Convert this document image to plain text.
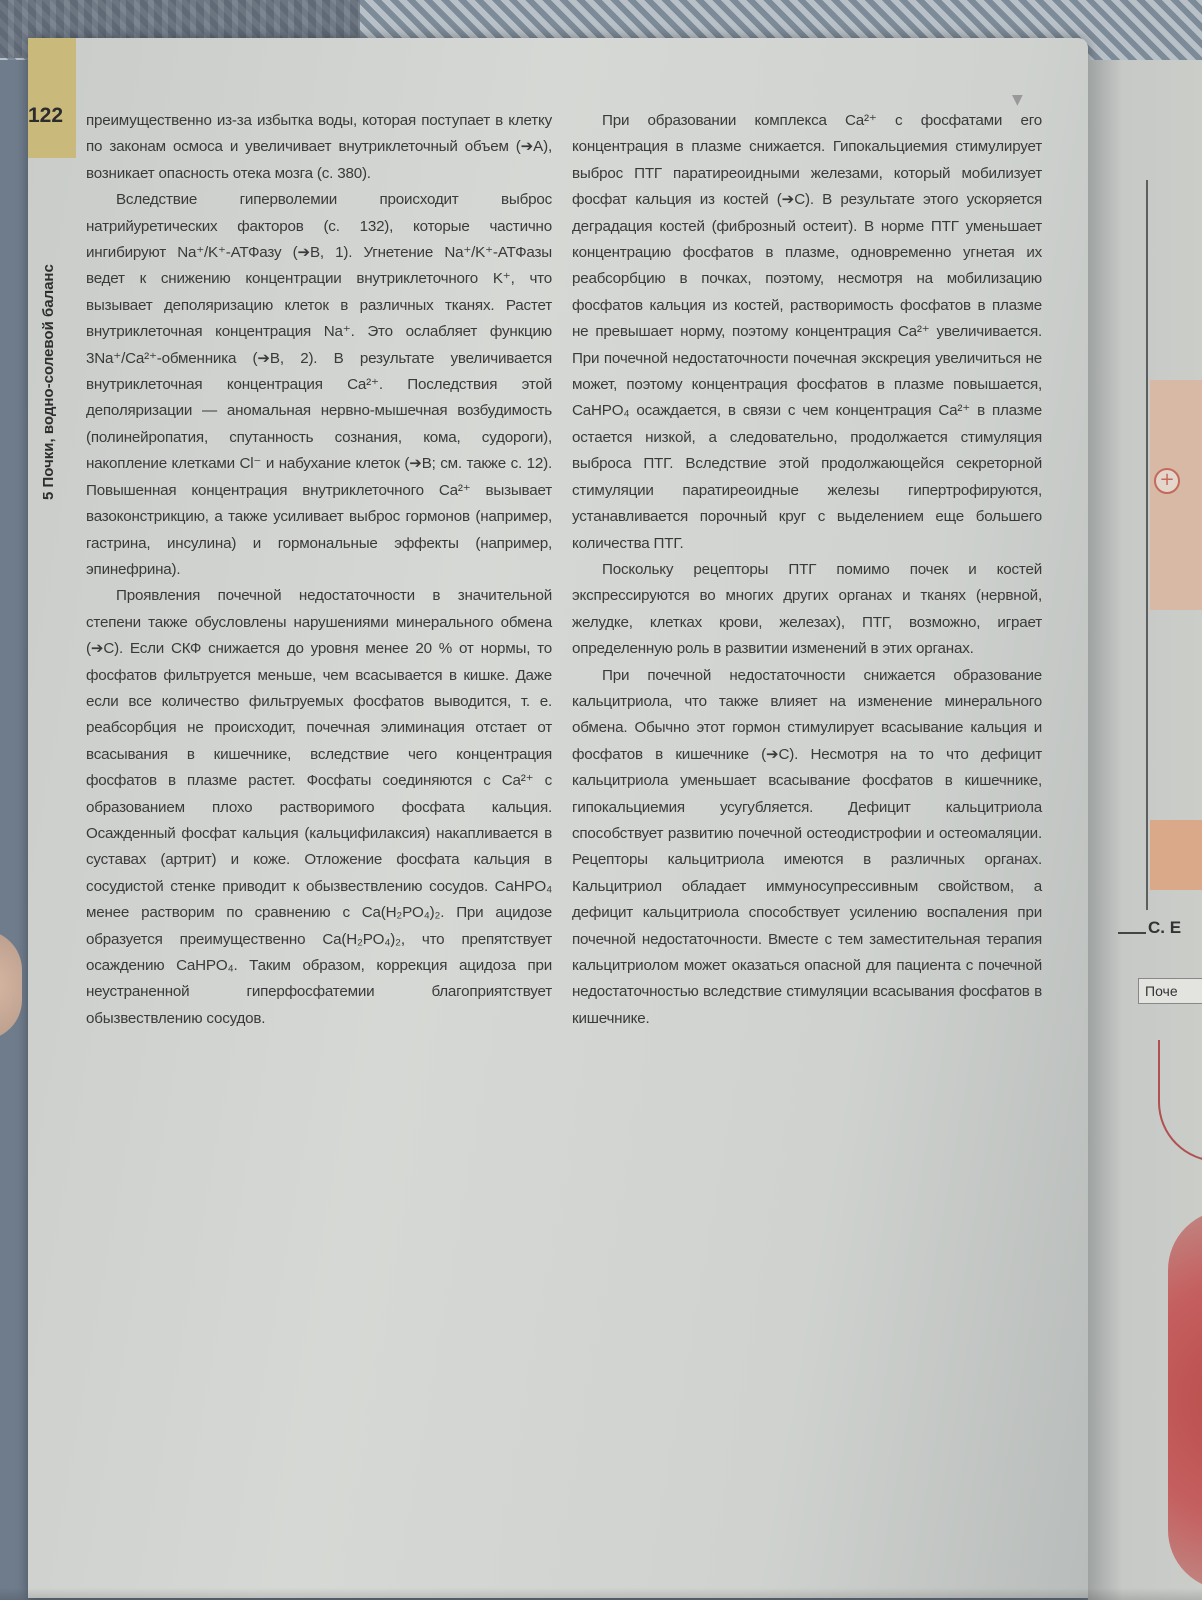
122
5 Почки, водно-солевой баланс
▼

преимущественно из-за избытка воды, которая поступает в клетку по законам осмоса и увеличивает внутриклеточный объем (➔A), возникает опасность отека мозга (с. 380).

Вследствие гиперволемии происходит выброс натрийуретических факторов (с. 132), которые частично ингибируют Na⁺/K⁺-АТФазу (➔B, 1). Угнетение Na⁺/K⁺-АТФазы ведет к снижению концентрации внутриклеточного K⁺, что вызывает деполяризацию клеток в различных тканях. Растет внутриклеточная концентрация Na⁺. Это ослабляет функцию 3Na⁺/Ca²⁺-обменника (➔B, 2). В результате увеличивается внутриклеточная концентрация Ca²⁺. Последствия этой деполяризации — аномальная нервно-мышечная возбудимость (полинейропатия, спутанность сознания, кома, судороги), накопление клетками Cl⁻ и набухание клеток (➔B; см. также с. 12). Повышенная концентрация внутриклеточного Ca²⁺ вызывает вазоконстрикцию, а также усиливает выброс гормонов (например, гастрина, инсулина) и гормональные эффекты (например, эпинефрина).

Проявления почечной недостаточности в значительной степени также обусловлены нарушениями минерального обмена (➔C). Если СКФ снижается до уровня менее 20 % от нормы, то фосфатов фильтруется меньше, чем всасывается в кишке. Даже если все количество фильтруемых фосфатов выводится, т. е. реабсорбция не происходит, почечная элиминация отстает от всасывания в кишечнике, вследствие чего концентрация фосфатов в плазме растет. Фосфаты соединяются с Ca²⁺ с образованием плохо растворимого фосфата кальция. Осажденный фосфат кальция (кальцифилаксия) накапливается в суставах (артрит) и коже. Отложение фосфата кальция в сосудистой стенке приводит к обызвествлению сосудов. CaHPO₄ менее растворим по сравнению с Ca(H₂PO₄)₂. При ацидозе образуется преимущественно Ca(H₂PO₄)₂, что препятствует осаждению CaHPO₄. Таким образом, коррекция ацидоза при неустраненной гиперфосфатемии благоприятствует обызвествлению сосудов.

При образовании комплекса Ca²⁺ с фосфатами его концентрация в плазме снижается. Гипокальциемия стимулирует выброс ПТГ паратиреоидными железами, который мобилизует фосфат кальция из костей (➔C). В результате этого ускоряется деградация костей (фиброзный остеит). В норме ПТГ уменьшает концентрацию фосфатов в плазме, одновременно угнетая их реабсорбцию в почках, поэтому, несмотря на мобилизацию фосфатов кальция из костей, растворимость фосфатов в плазме не превышает норму, поэтому концентрация Ca²⁺ увеличивается. При почечной недостаточности почечная экскреция увеличиться не может, поэтому концентрация фосфатов в плазме повышается, CaHPO₄ осаждается, в связи с чем концентрация Ca²⁺ в плазме остается низкой, а следовательно, продолжается стимуляция выброса ПТГ. Вследствие этой продолжающейся секреторной стимуляции паратиреоидные железы гипертрофируются, устанавливается порочный круг с выделением еще большего количества ПТГ.

Поскольку рецепторы ПТГ помимо почек и костей экспрессируются во многих других органах и тканях (нервной, желудке, клетках крови, железах), ПТГ, возможно, играет определенную роль в развитии изменений в этих органах.

При почечной недостаточности снижается образование кальцитриола, что также влияет на изменение минерального обмена. Обычно этот гормон стимулирует всасывание кальция и фосфатов в кишечнике (➔C). Несмотря на то что дефицит кальцитриола уменьшает всасывание фосфатов в кишечнике, гипокальциемия усугубляется. Дефицит кальцитриола способствует развитию почечной остеодистрофии и остеомаляции. Рецепторы кальцитриола имеются в различных органах. Кальцитриол обладает иммуносупрессивным свойством, а дефицит кальцитриола способствует усилению воспаления при почечной недостаточности. Вместе с тем заместительная терапия кальцитриолом может оказаться опасной для пациента с почечной недостаточностью вследствие стимуляции всасывания фосфатов в кишечнике.

+
C. E
Поче
